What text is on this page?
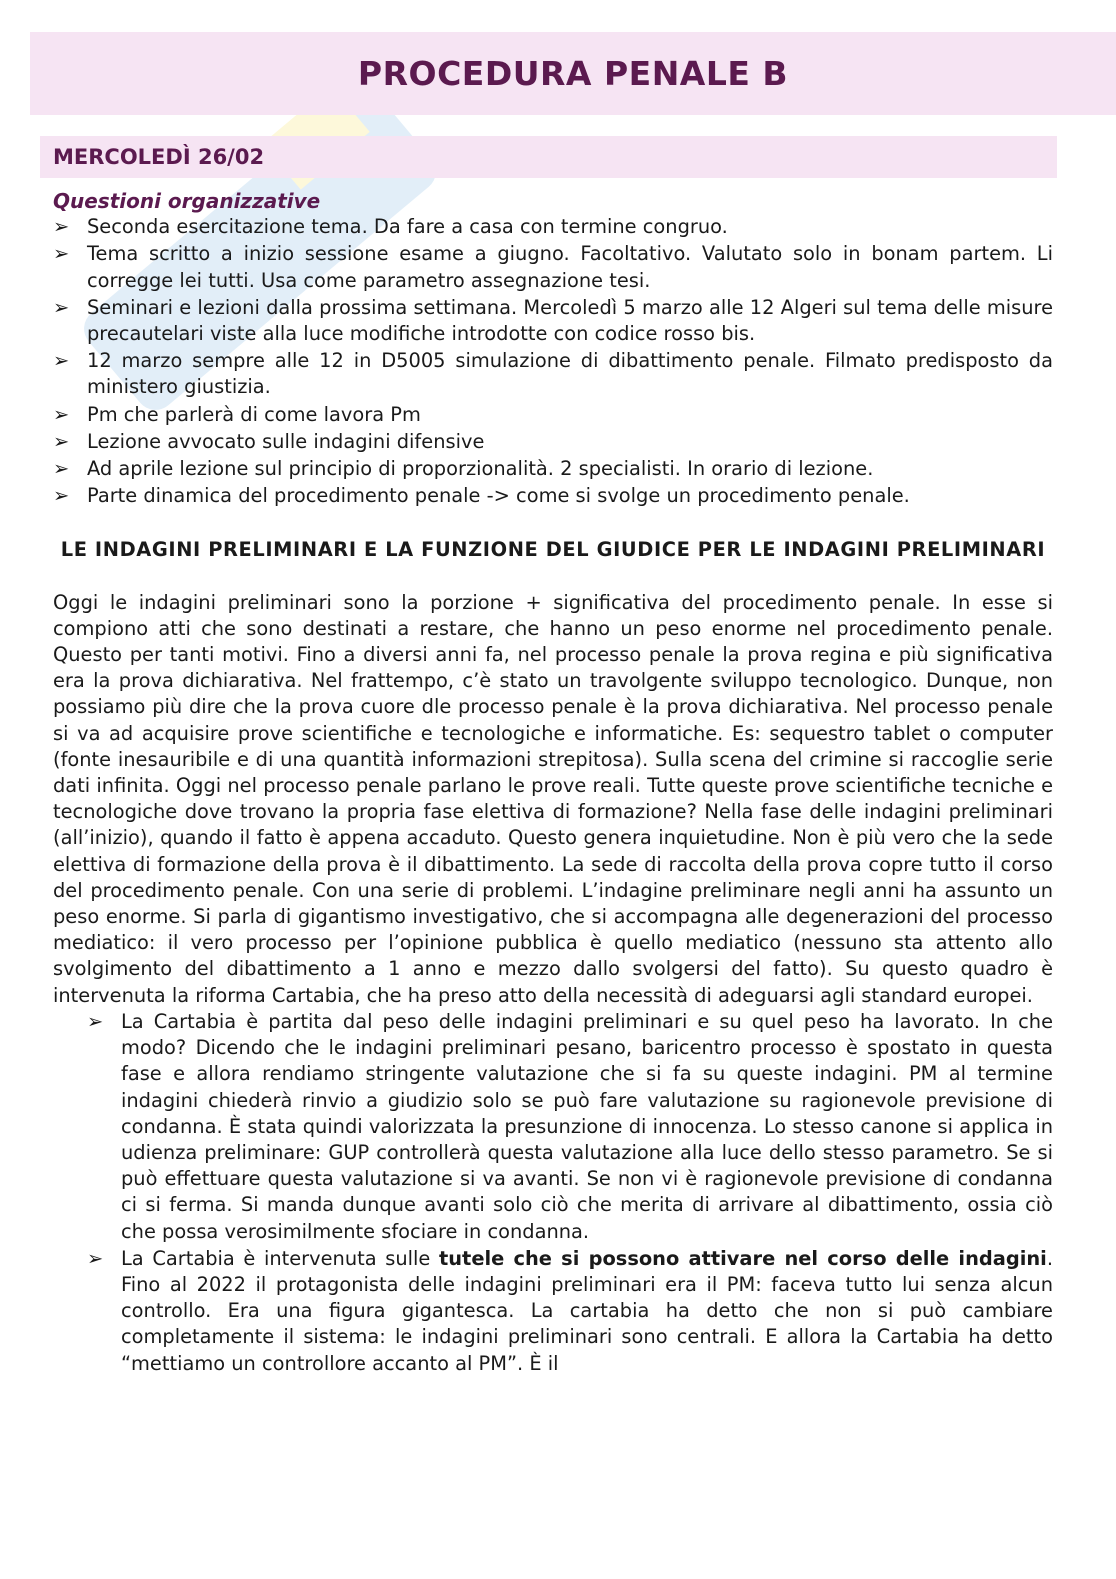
PROCEDURA PENALE B
MERCOLEDÌ 26/02
Questioni organizzative
➢ Seconda esercitazione tema. Da fare a casa con termine congruo.
➢ Tema scritto a inizio sessione esame a giugno. Facoltativo. Valutato solo in bonam partem. Li corregge lei tutti. Usa come parametro assegnazione tesi.
➢ Seminari e lezioni dalla prossima settimana. Mercoledì 5 marzo alle 12 Algeri sul tema delle misure precautelari viste alla luce modifiche introdotte con codice rosso bis.
➢ 12 marzo sempre alle 12 in D5005 simulazione di dibattimento penale. Filmato predisposto da ministero giustizia.
➢ Pm che parlerà di come lavora Pm
➢ Lezione avvocato sulle indagini difensive
➢ Ad aprile lezione sul principio di proporzionalità. 2 specialisti. In orario di lezione.
➢ Parte dinamica del procedimento penale -> come si svolge un procedimento penale.
LE INDAGINI PRELIMINARI E LA FUNZIONE DEL GIUDICE PER LE INDAGINI PRELIMINARI

Oggi le indagini preliminari sono la porzione + significativa del procedimento penale. In esse si compiono atti che sono destinati a restare, che hanno un peso enorme nel procedimento penale. Questo per tanti motivi. Fino a diversi anni fa, nel processo penale la prova regina e più significativa era la prova dichiarativa. Nel frattempo, c’è stato un travolgente sviluppo tecnologico. Dunque, non possiamo più dire che la prova cuore dle processo penale è la prova dichiarativa. Nel processo penale si va ad acquisire prove scientifiche e tecnologiche e informatiche. Es: sequestro tablet o computer (fonte inesauribile e di una quantità informazioni strepitosa). Sulla scena del crimine si raccoglie serie dati infinita. Oggi nel processo penale parlano le prove reali. Tutte queste prove scientifiche tecniche e tecnologiche dove trovano la propria fase elettiva di formazione? Nella fase delle indagini preliminari (all’inizio), quando il fatto è appena accaduto. Questo genera inquietudine. Non è più vero che la sede elettiva di formazione della prova è il dibattimento. La sede di raccolta della prova copre tutto il corso del procedimento penale. Con una serie di problemi. L’indagine preliminare negli anni ha assunto un peso enorme. Si parla di gigantismo investigativo, che si accompagna alle degenerazioni del processo mediatico: il vero processo per l’opinione pubblica è quello mediatico (nessuno sta attento allo svolgimento del dibattimento a 1 anno e mezzo dallo svolgersi del fatto). Su questo quadro è intervenuta la riforma Cartabia, che ha preso atto della necessità di adeguarsi agli standard europei.

➢ La Cartabia è partita dal peso delle indagini preliminari e su quel peso ha lavorato. In che modo? Dicendo che le indagini preliminari pesano, baricentro processo è spostato in questa fase e allora rendiamo stringente valutazione che si fa su queste indagini. PM al termine indagini chiederà rinvio a giudizio solo se può fare valutazione su ragionevole previsione di condanna. È stata quindi valorizzata la presunzione di innocenza. Lo stesso canone si applica in udienza preliminare: GUP controllerà questa valutazione alla luce dello stesso parametro. Se si può effettuare questa valutazione si va avanti. Se non vi è ragionevole previsione di condanna ci si ferma. Si manda dunque avanti solo ciò che merita di arrivare al dibattimento, ossia ciò che possa verosimilmente sfociare in condanna.
➢ La Cartabia è intervenuta sulle tutele che si possono attivare nel corso delle indagini. Fino al 2022 il protagonista delle indagini preliminari era il PM: faceva tutto lui senza alcun controllo. Era una figura gigantesca. La cartabia ha detto che non si può cambiare completamente il sistema: le indagini preliminari sono centrali. E allora la Cartabia ha detto “mettiamo un controllore accanto al PM”. È il
